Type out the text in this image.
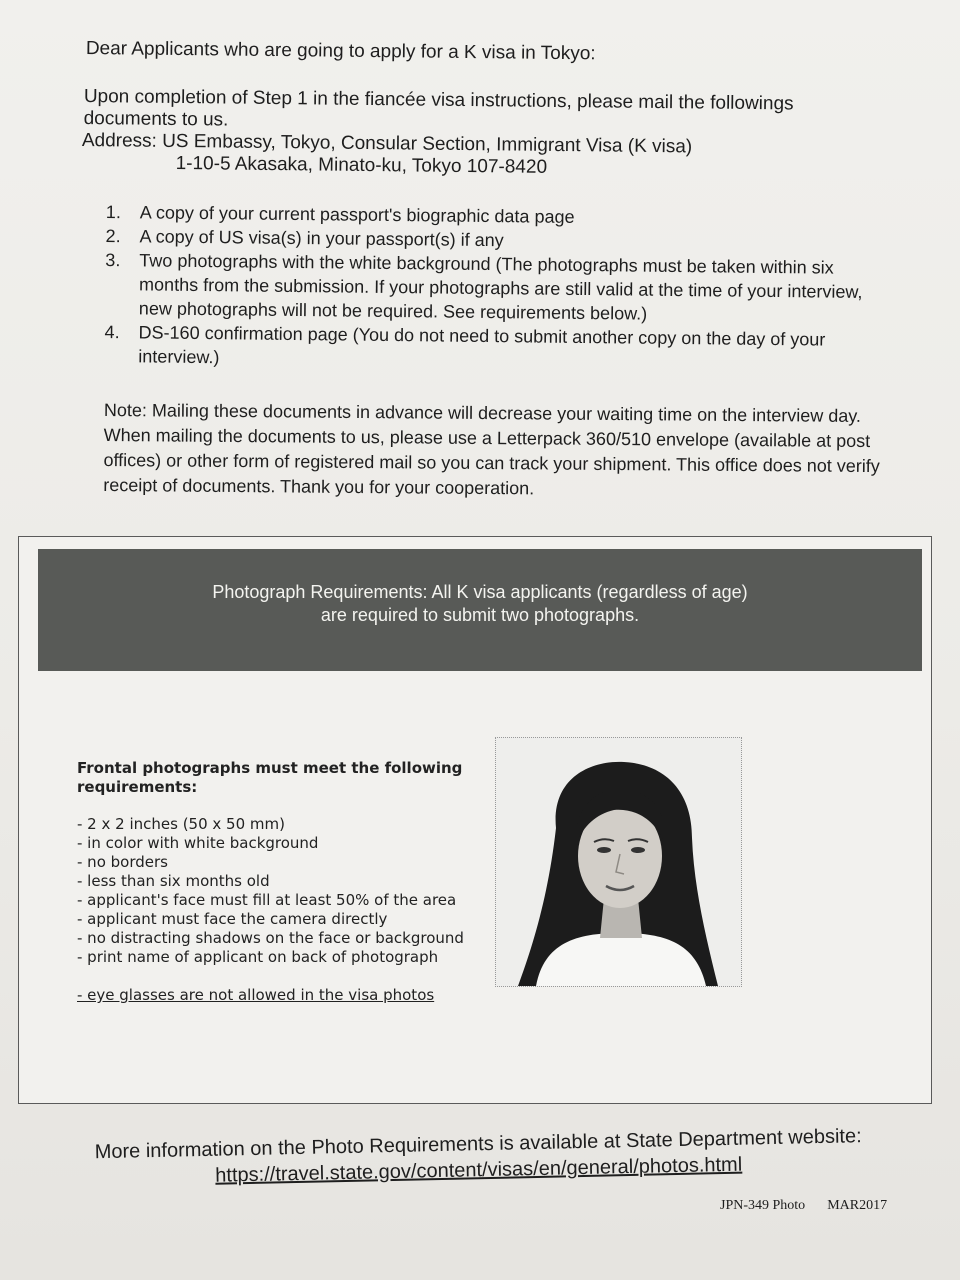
Dear Applicants who are going to apply for a K visa in Tokyo:
Upon completion of Step 1 in the fiancée visa instructions, please mail the followings documents to us.
Address: US Embassy, Tokyo, Consular Section, Immigrant Visa (K visa)
1-10-5 Akasaka, Minato-ku, Tokyo 107-8420
1.	A copy of your current passport's biographic data page
2.	A copy of US visa(s) in your passport(s) if any
3.	Two photographs with the white background (The photographs must be taken within six months from the submission. If your photographs are still valid at the time of your interview, new photographs will not be required. See requirements below.)
4.	DS-160 confirmation page (You do not need to submit another copy on the day of your interview.)
Note: Mailing these documents in advance will decrease your waiting time on the interview day. When mailing the documents to us, please use a Letterpack 360/510 envelope (available at post offices) or other form of registered mail so you can track your shipment. This office does not verify receipt of documents. Thank you for your cooperation.
Photograph Requirements: All K visa applicants (regardless of age)
are required to submit two photographs.
Frontal photographs must meet the following requirements:
- 2 x 2 inches (50 x 50 mm)
- in color with white background
- no borders
- less than six months old
- applicant's face must fill at least 50% of the area
- applicant must face the camera directly
- no distracting shadows on the face or background
- print name of applicant on back of photograph
- eye glasses are not allowed in the visa photos
More information on the Photo Requirements is available at State Department website:
https://travel.state.gov/content/visas/en/general/photos.html
JPN-349 Photo MAR2017
